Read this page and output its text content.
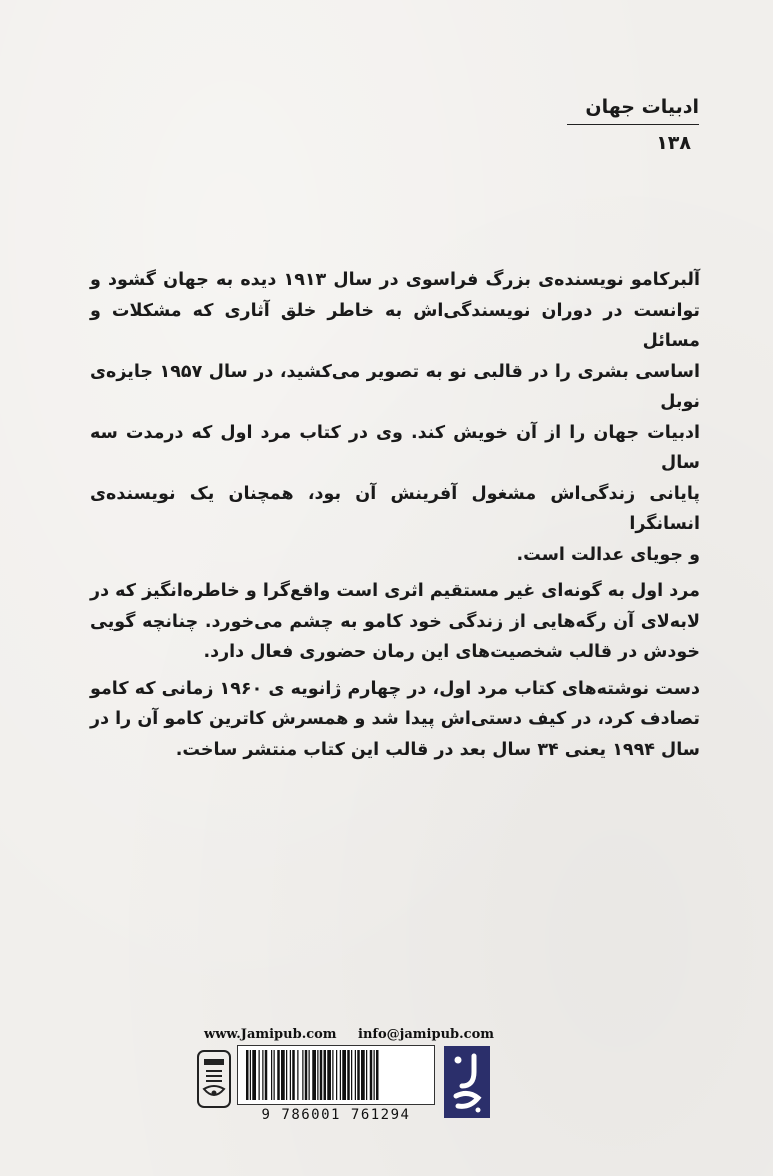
ادبیات جهان
۱۳۸

آلبرکامو نویسنده‌ی بزرگ فراسوی در سال ۱۹۱۳ دیده به جهان گشود و
توانست در دوران نویسندگی‌اش به خاطر خلق آثاری که مشکلات و مسائل
اساسی بشری را در قالبی نو به تصویر می‌کشید، در سال ۱۹۵۷ جایزه‌ی نوبل
ادبیات جهان را از آن خویش کند. وی در کتاب مرد اول که درمدت سه سال
پایانی زندگی‌اش مشغول آفرینش آن بود، همچنان یک نویسنده‌ی انسانگرا
و جویای عدالت است.

مرد اول به گونه‌ای غیر مستقیم اثری است واقع‌گرا و خاطره‌انگیز که در
لابه‌لای آن رگه‌هایی از زندگی خود کامو به چشم می‌خورد. چنانچه گویی
خودش در قالب شخصیت‌های این رمان حضوری فعال دارد.

دست نوشته‌های کتاب مرد اول، در چهارم ژانویه ی ۱۹۶۰ زمانی که کامو
تصادف کرد، در کیف دستی‌اش پیدا شد و همسرش کاترین کامو آن را در
سال ۱۹۹۴ یعنی ۳۴ سال بعد در قالب این کتاب منتشر ساخت.

www.Jamipub.com info@jamipub.com
9 786001 761294
